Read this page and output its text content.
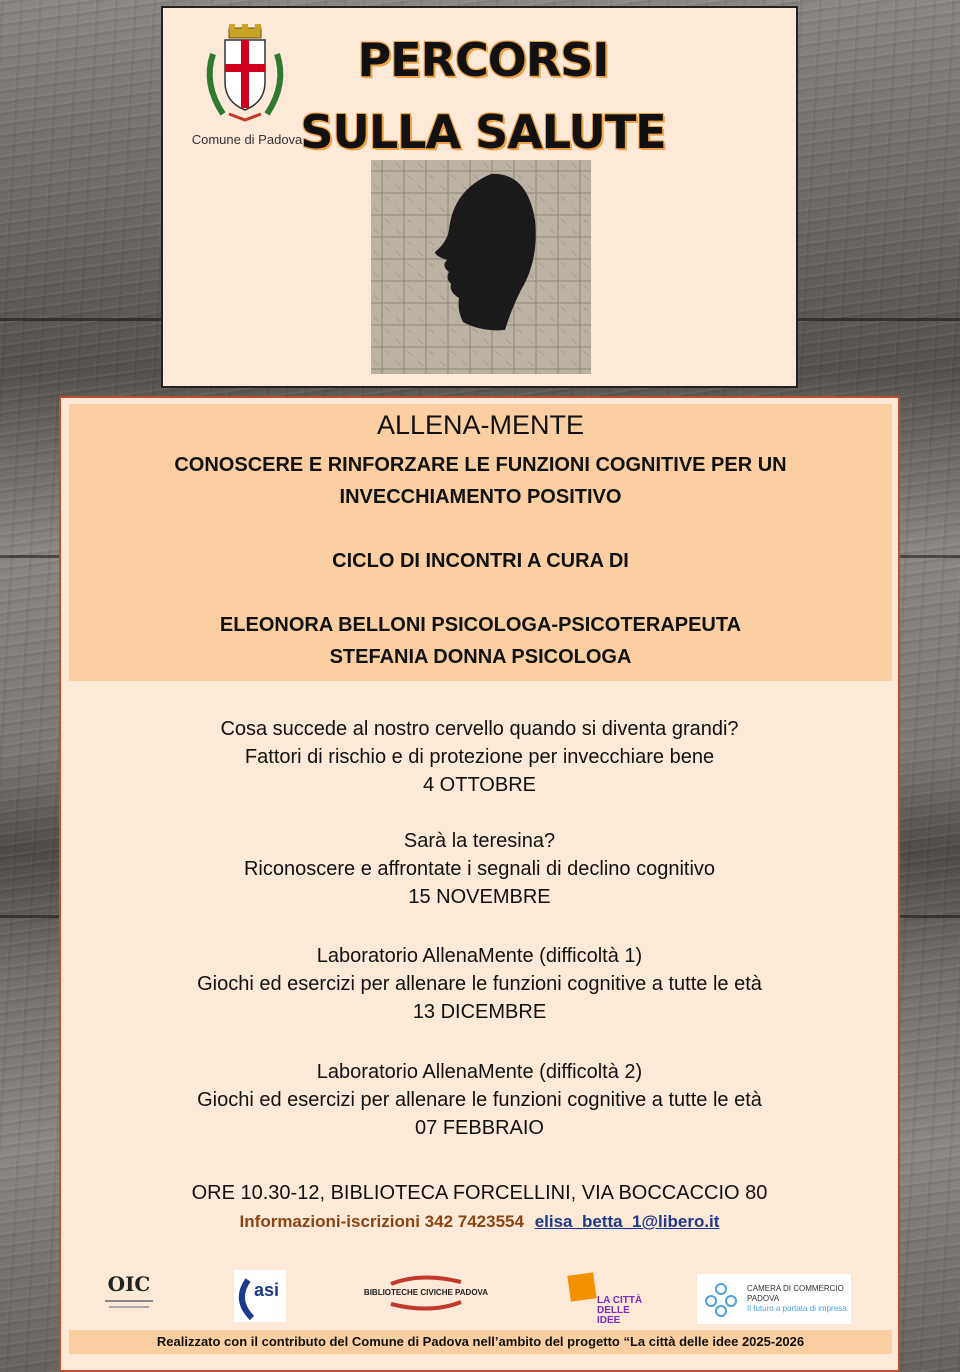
Comune di Padova
PERCORSI
SULLA SALUTE
ALLENA-MENTE
CONOSCERE E RINFORZARE LE FUNZIONI COGNITIVE PER UN
INVECCHIAMENTO POSITIVO
CICLO DI INCONTRI A CURA DI
ELEONORA BELLONI PSICOLOGA-PSICOTERAPEUTA
STEFANIA DONNA PSICOLOGA
Cosa succede al nostro cervello quando si diventa grandi?
Fattori di rischio e di protezione per invecchiare bene
4 OTTOBRE
Sarà la teresina?
Riconoscere e affrontate i segnali di declino cognitivo
15 NOVEMBRE
Laboratorio AllenaMente (difficoltà 1)
Giochi ed esercizi per allenare le funzioni cognitive a tutte le età
13 DICEMBRE
Laboratorio AllenaMente (difficoltà 2)
Giochi ed esercizi per allenare le funzioni cognitive a tutte le età
07 FEBBRAIO
ORE 10.30-12, BIBLIOTECA FORCELLINI, VIA BOCCACCIO 80
Informazioni-iscrizioni 342 7423554 elisa_betta_1@libero.it
OIC	asi	BIBLIOTECHE CIVICHE PADOVA
LA CITTÀ DELLE IDEE
CAMERA DI COMMERCIO
PADOVA
Il futuro a portata di impresa
Realizzato con il contributo del Comune di Padova nell’ambito del progetto “La città delle idee 2025-2026
